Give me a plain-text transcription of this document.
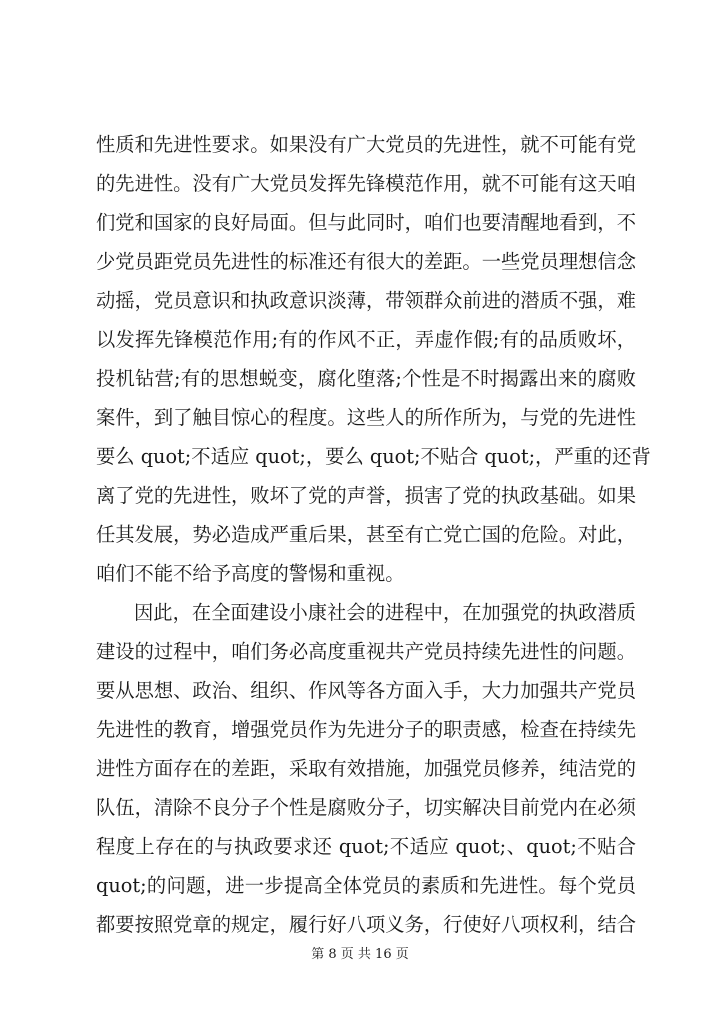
性质和先进性要求。如果没有广大党员的先进性，就不可能有党
的先进性。没有广大党员发挥先锋模范作用，就不可能有这天咱
们党和国家的良好局面。但与此同时，咱们也要清醒地看到，不
少党员距党员先进性的标准还有很大的差距。一些党员理想信念
动摇，党员意识和执政意识淡薄，带领群众前进的潜质不强，难
以发挥先锋模范作用;有的作风不正，弄虚作假;有的品质败坏，
投机钻营;有的思想蜕变，腐化堕落;个性是不时揭露出来的腐败
案件，到了触目惊心的程度。这些人的所作所为，与党的先进性
要么 quot;不适应 quot;，要么 quot;不贴合 quot;，严重的还背
离了党的先进性，败坏了党的声誉，损害了党的执政基础。如果
任其发展，势必造成严重后果，甚至有亡党亡国的危险。对此，
咱们不能不给予高度的警惕和重视。
因此，在全面建设小康社会的进程中，在加强党的执政潜质
建设的过程中，咱们务必高度重视共产党员持续先进性的问题。
要从思想、政治、组织、作风等各方面入手，大力加强共产党员
先进性的教育，增强党员作为先进分子的职责感，检查在持续先
进性方面存在的差距，采取有效措施，加强党员修养，纯洁党的
队伍，清除不良分子个性是腐败分子，切实解决目前党内在必须
程度上存在的与执政要求还 quot;不适应 quot;、quot;不贴合
quot;的问题，进一步提高全体党员的素质和先进性。每个党员
都要按照党章的规定，履行好八项义务，行使好八项权利，结合
第 8 页 共 16 页
